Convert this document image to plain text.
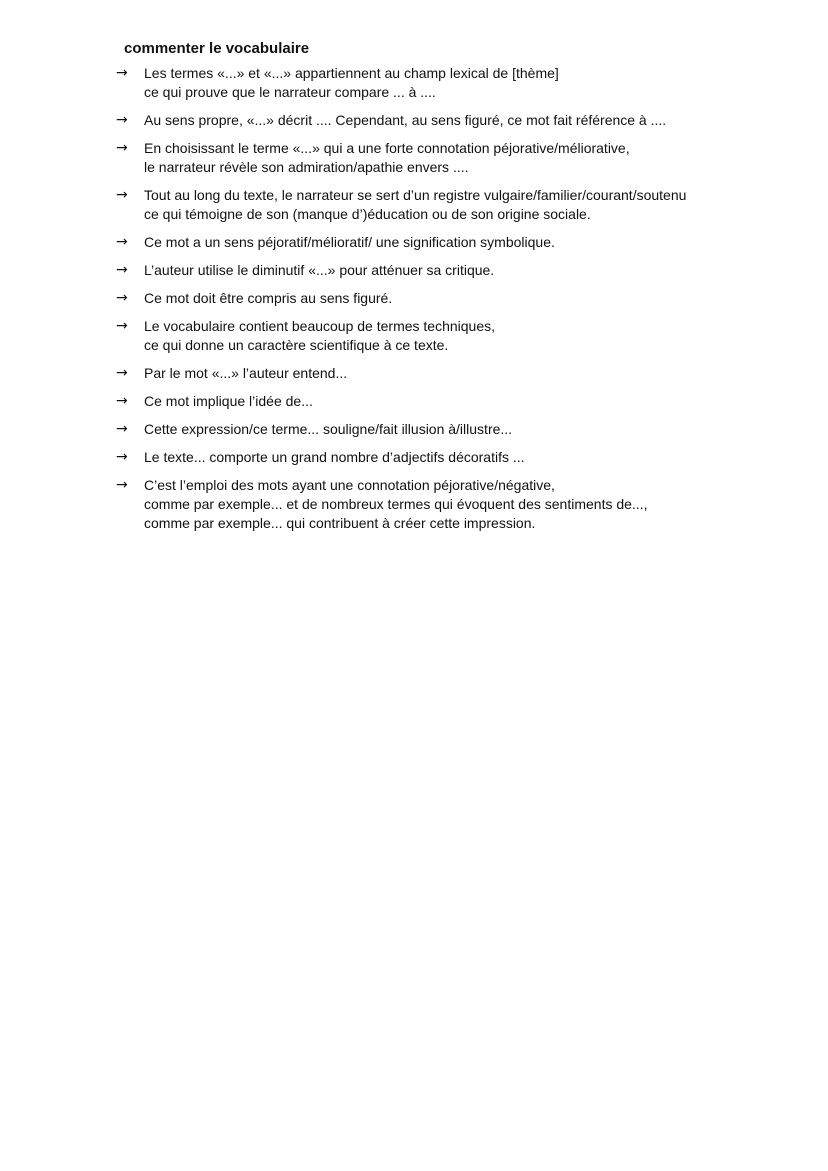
commenter le vocabulaire
→	Les termes «...» et «...» appartiennent au champ lexical de [thème]
ce qui prouve que le narrateur compare ... à ....
→	Au sens propre, «...» décrit .... Cependant, au sens figuré, ce mot fait référence à ....
→	En choisissant le terme «...» qui a une forte connotation péjorative/méliorative,
le narrateur révèle son admiration/apathie envers ....
→	Tout au long du texte, le narrateur se sert d’un registre vulgaire/familier/courant/soutenu
ce qui témoigne de son (manque d’)éducation ou de son origine sociale.
→	Ce mot a un sens péjoratif/mélioratif/ une signification symbolique.
→	L’auteur utilise le diminutif «...» pour atténuer sa critique.
→	Ce mot doit être compris au sens figuré.
→	Le vocabulaire contient beaucoup de termes techniques,
ce qui donne un caractère scientifique à ce texte.
→	Par le mot «...» l’auteur entend...
→	Ce mot implique l’idée de...
→	Cette expression/ce terme... souligne/fait illusion à/illustre...
→	Le texte... comporte un grand nombre d’adjectifs décoratifs ...
→	C’est l’emploi des mots ayant une connotation péjorative/négative,
comme par exemple... et de nombreux termes qui évoquent des sentiments de...,
comme par exemple... qui contribuent à créer cette impression.
